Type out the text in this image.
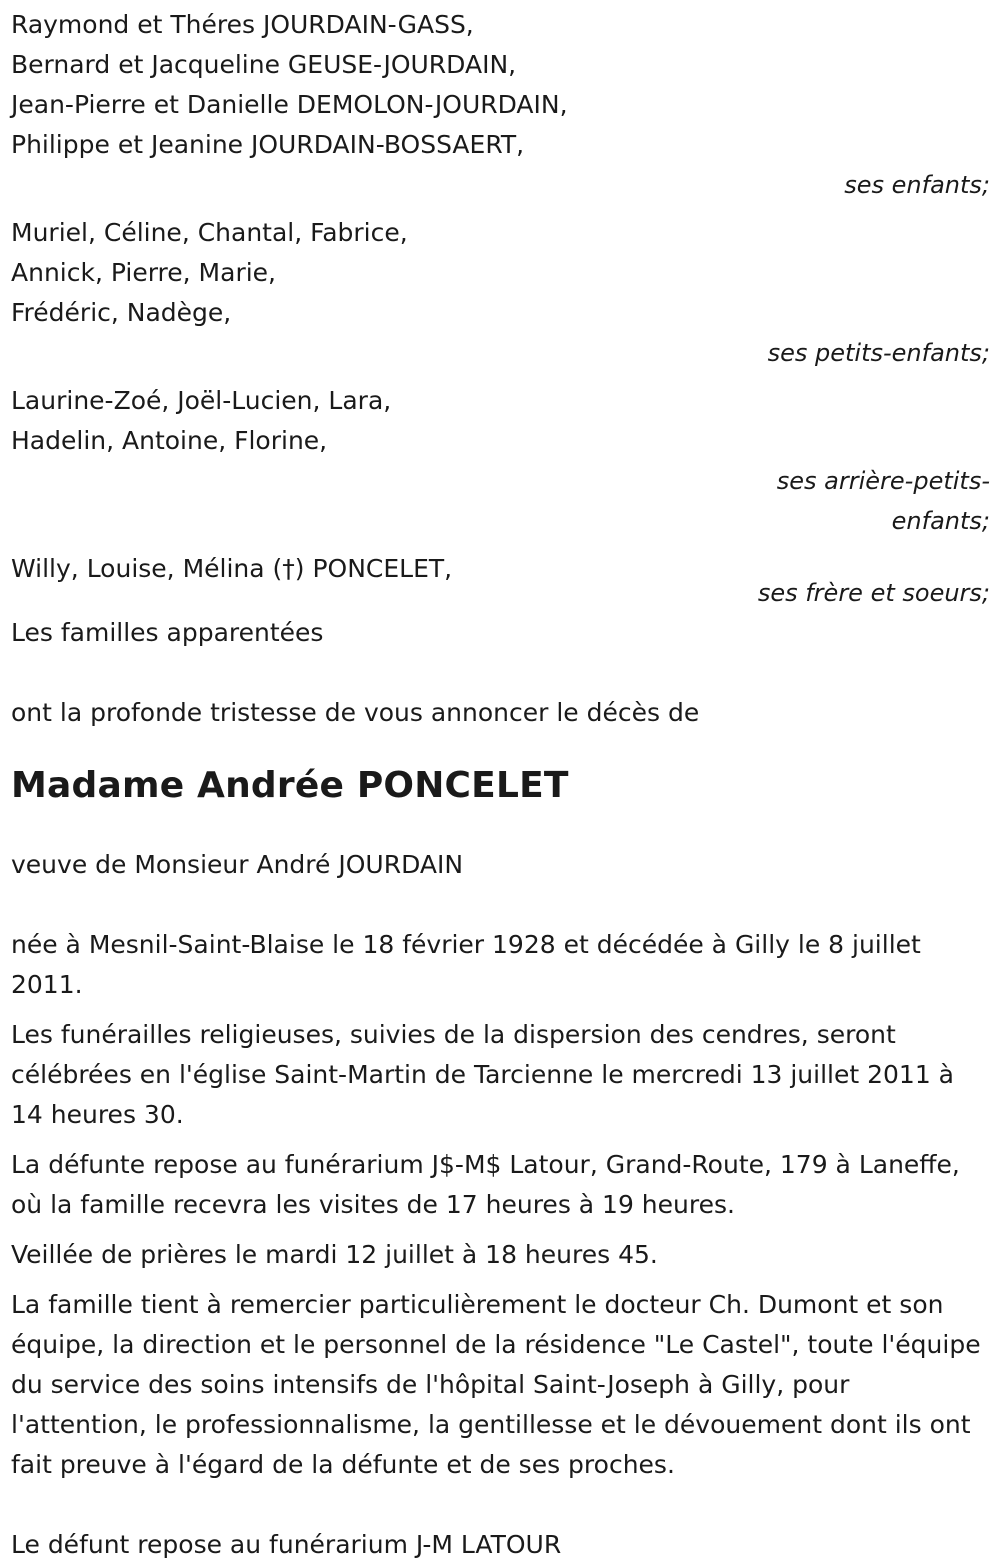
Raymond et Théres JOURDAIN-GASS,
Bernard et Jacqueline GEUSE-JOURDAIN,
Jean-Pierre et Danielle DEMOLON-JOURDAIN,
Philippe et Jeanine JOURDAIN-BOSSAERT,
ses enfants;
Muriel, Céline, Chantal, Fabrice,
Annick, Pierre, Marie,
Frédéric, Nadège,
ses petits-enfants;
Laurine-Zoé, Joël-Lucien, Lara,
Hadelin, Antoine, Florine,
ses arrière-petits-enfants;
Willy, Louise, Mélina (†) PONCELET,
ses frère et soeurs;
Les familles apparentées
ont la profonde tristesse de vous annoncer le décès de
Madame Andrée PONCELET
veuve de Monsieur André JOURDAIN
née à Mesnil-Saint-Blaise le 18 février 1928 et décédée à Gilly le 8 juillet 2011.
Les funérailles religieuses, suivies de la dispersion des cendres, seront célébrées en l'église Saint-Martin de Tarcienne le mercredi 13 juillet 2011 à 14 heures 30.
La défunte repose au funérarium J$-M$ Latour, Grand-Route, 179 à Laneffe, où la famille recevra les visites de 17 heures à 19 heures.
Veillée de prières le mardi 12 juillet à 18 heures 45.
La famille tient à remercier particulièrement le docteur Ch. Dumont et son équipe, la direction et le personnel de la résidence "Le Castel", toute l'équipe du service des soins intensifs de l'hôpital Saint-Joseph à Gilly, pour l'attention, le professionnalisme, la gentillesse et le dévouement dont ils ont fait preuve à l'égard de la défunte et de ses proches.
Le défunt repose au funérarium J-M LATOUR
